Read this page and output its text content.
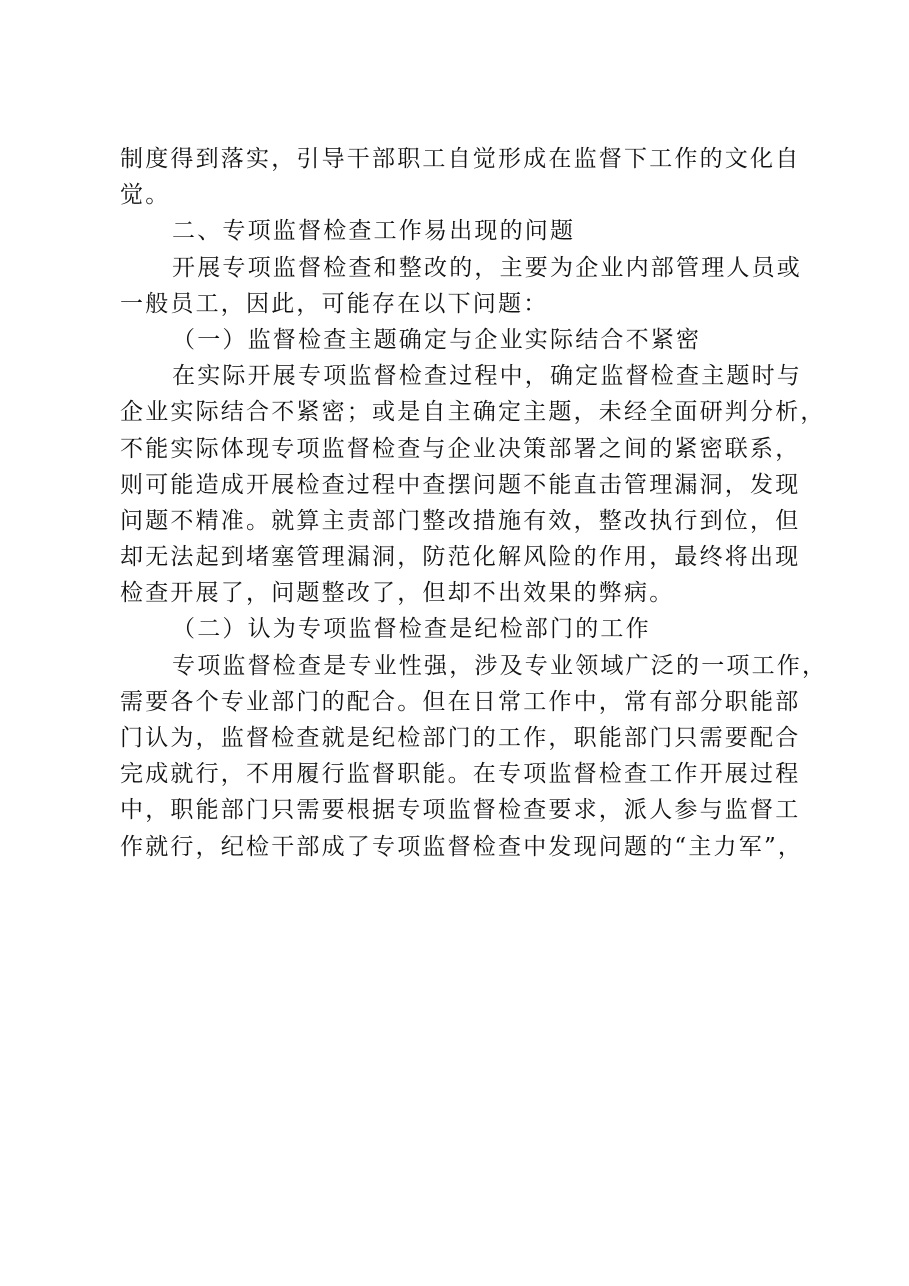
制度得到落实，引导干部职工自觉形成在监督下工作的文化自

觉。

二、专项监督检查工作易出现的问题

开展专项监督检查和整改的，主要为企业内部管理人员或

一般员工，因此，可能存在以下问题：

（一）监督检查主题确定与企业实际结合不紧密

在实际开展专项监督检查过程中，确定监督检查主题时与

企业实际结合不紧密；或是自主确定主题，未经全面研判分析，

不能实际体现专项监督检查与企业决策部署之间的紧密联系，

则可能造成开展检查过程中查摆问题不能直击管理漏洞，发现

问题不精准。就算主责部门整改措施有效，整改执行到位，但

却无法起到堵塞管理漏洞，防范化解风险的作用，最终将出现

检查开展了，问题整改了，但却不出效果的弊病。

（二）认为专项监督检查是纪检部门的工作

专项监督检查是专业性强，涉及专业领域广泛的一项工作，

需要各个专业部门的配合。但在日常工作中，常有部分职能部

门认为，监督检查就是纪检部门的工作，职能部门只需要配合

完成就行，不用履行监督职能。在专项监督检查工作开展过程

中，职能部门只需要根据专项监督检查要求，派人参与监督工

作就行，纪检干部成了专项监督检查中发现问题的“主力军”，
